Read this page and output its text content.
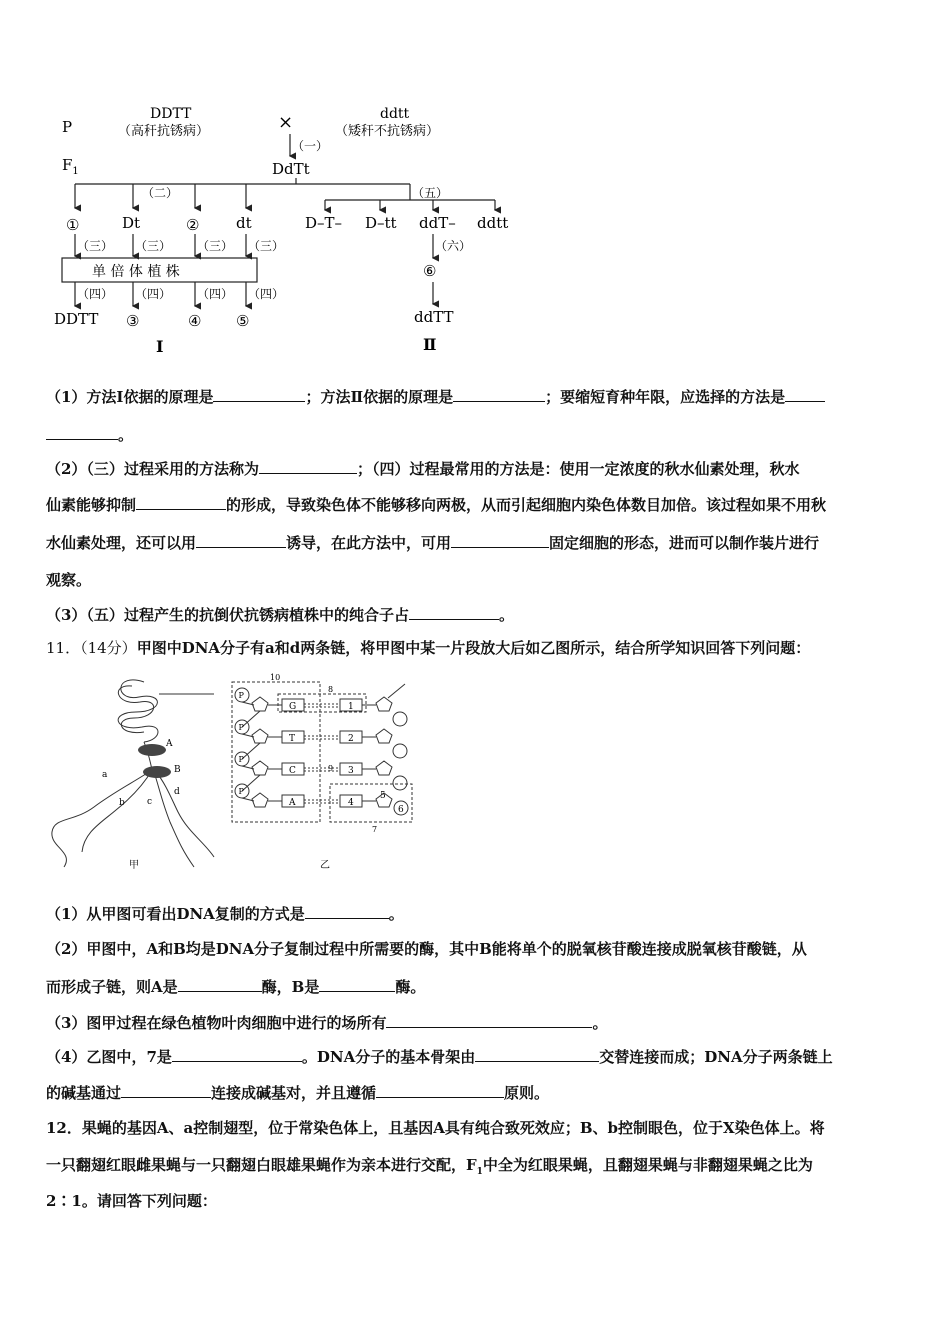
P
$F_1$
DDTT
（高秆抗锈病）	×	ddtt
（矮秆不抗锈病）
（一）
DdTt
（二）	（五）
①	Dt	② dt	D–T– D–tt ddT– ddtt
（三） （三） （三） （三）
单 倍 体 植 株
（四） （四） （四） （四）
DDTT ③	④ ⑤
I
（六）
⑥
ddTT
Ⅱ
（1）方法Ⅰ依据的原理是	；方法Ⅱ依据的原理是	；要缩短育种年限，应选择的方法是
。
（2）（三）过程采用的方法称为	；（四）过程最常用的方法是：使用一定浓度的秋水仙素处理，秋水
仙素能够抑制	的形成，导致染色体不能够移向两极，从而引起细胞内染色体数目加倍。该过程如果不用秋
水仙素处理，还可以用	诱导，在此方法中，可用	固定细胞的形态，进而可以制作装片进行
观察。
（3）（五）过程产生的抗倒伏抗锈病植株中的纯合子占	。
11．（14分）甲图中DNA分子有a和d两条链，将甲图中某一片段放大后如乙图所示，结合所学知识回答下列问题：
A
B
a
b c
d
甲
10
8
9
7
P
G	1
P
T	2
P
C	3
P
A	4
5
6
乙
（1）从甲图可看出DNA复制的方式是	。
（2）甲图中，A和B均是DNA分子复制过程中所需要的酶，其中B能将单个的脱氧核苷酸连接成脱氧核苷酸链，从
而形成子链，则A是	酶，B是	酶。
（3）图甲过程在绿色植物叶肉细胞中进行的场所有	。
（4）乙图中，7是	。DNA分子的基本骨架由	交替连接而成；DNA分子两条链上
的碱基通过	连接成碱基对，并且遵循	原则。
12．果蝇的基因A、a控制翅型，位于常染色体上，且基因A具有纯合致死效应；B、b控制眼色，位于X染色体上。将
一只翻翅红眼雌果蝇与一只翻翅白眼雄果蝇作为亲本进行交配，$F_1$中全为红眼果蝇，且翻翅果蝇与非翻翅果蝇之比为
2∶1。请回答下列问题：
